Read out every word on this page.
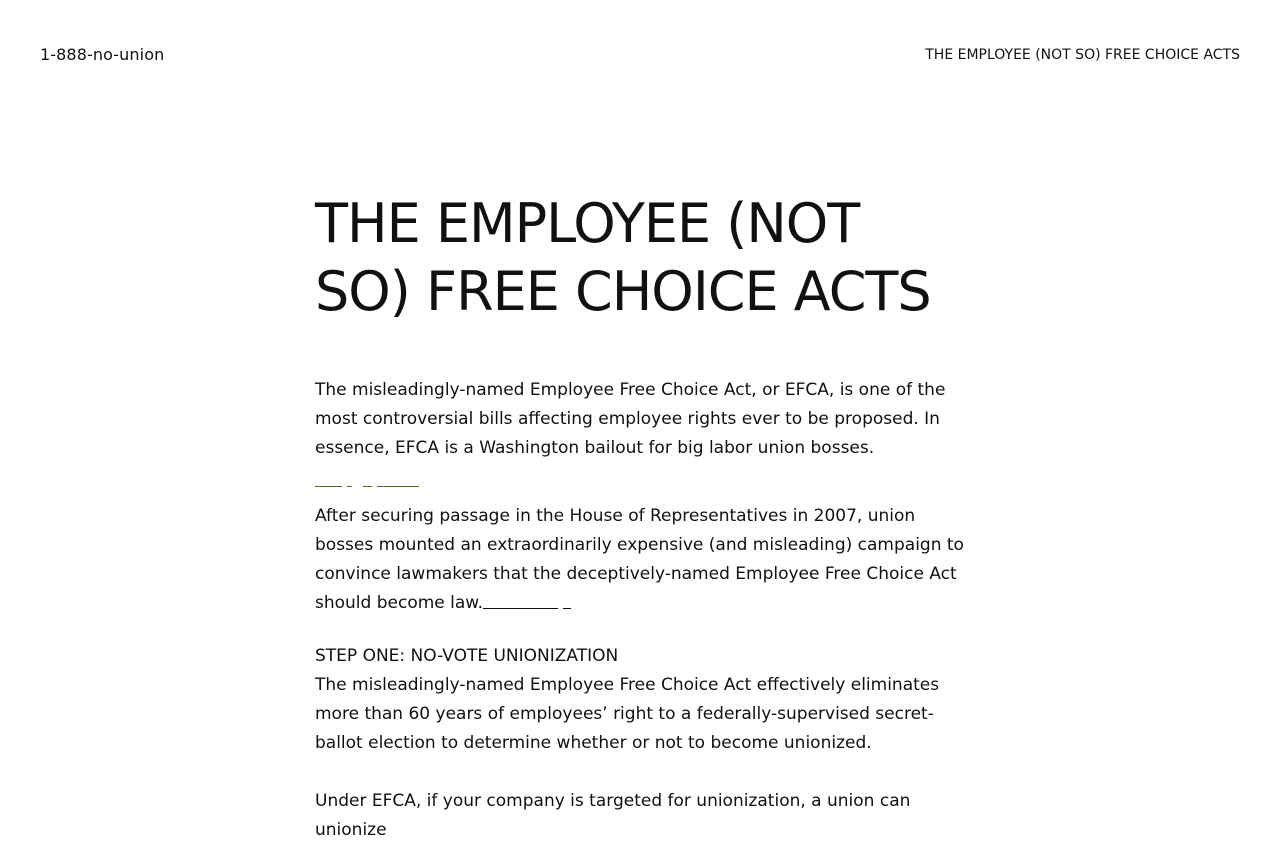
1-888-no-union	THE EMPLOYEE (NOT SO) FREE CHOICE ACTS
THE EMPLOYEE (NOT SO) FREE CHOICE ACTS

The misleadingly-named Employee Free Choice Act, or EFCA, is one of the most controversial bills affecting employee rights ever to be proposed. In essence, EFCA is a Washington bailout for big labor union bosses.

After securing passage in the House of Representatives in 2007, union bosses mounted an extraordinarily expensive (and misleading) campaign to convince lawmakers that the deceptively-named Employee Free Choice Act should become law.

STEP ONE: NO-VOTE UNIONIZATION

The misleadingly-named Employee Free Choice Act effectively eliminates more than 60 years of employees’ right to a federally-supervised secret-ballot election to determine whether or not to become unionized.

Under EFCA, if your company is targeted for unionization, a union can unionize
